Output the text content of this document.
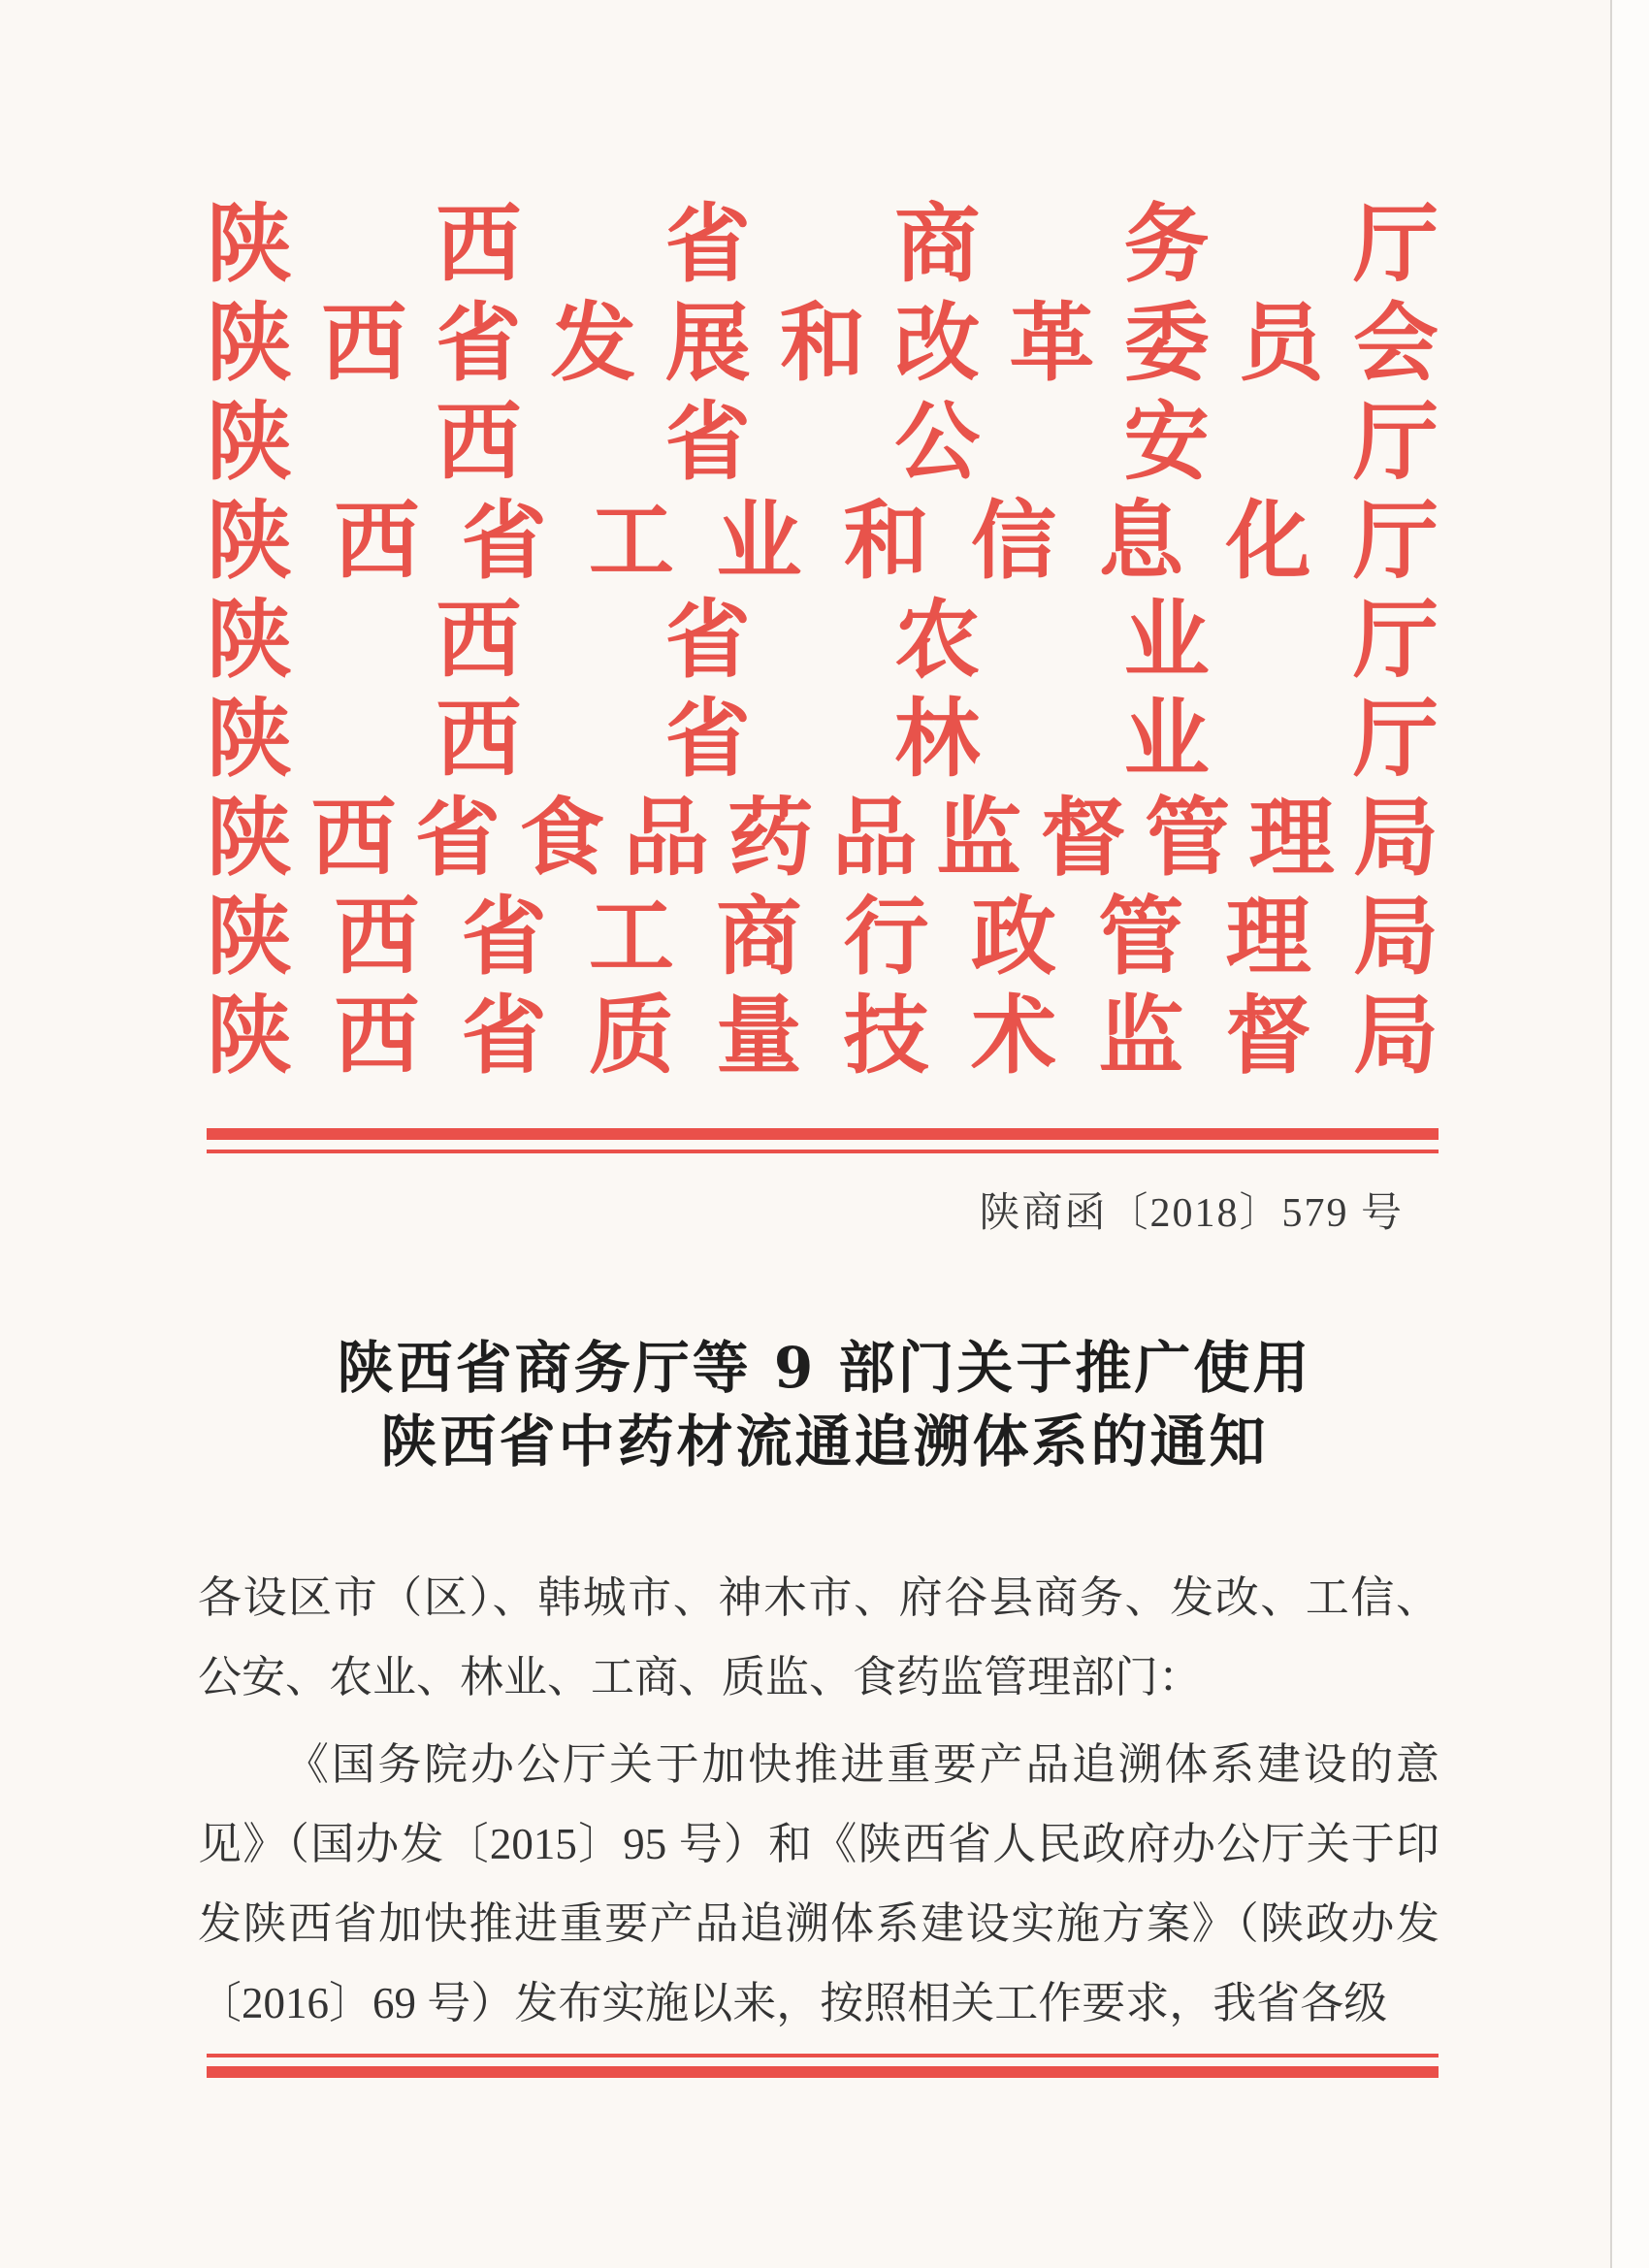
陕西省商务厅
陕西省发展和改革委员会
陕西省公安厅
陕西省工业和信息化厅
陕西省农业厅
陕西省林业厅
陕西省食品药品监督管理局
陕西省工商行政管理局
陕西省质量技术监督局
陕商函〔2018〕579 号
陕西省商务厅等 9 部门关于推广使用
陕西省中药材流通追溯体系的通知
各设区市（区）、韩城市、神木市、府谷县商务、发改、工信、
公安、农业、林业、工商、质监、食药监管理部门：
《国务院办公厅关于加快推进重要产品追溯体系建设的意
见》（国办发〔2015〕95 号）和《陕西省人民政府办公厅关于印
发陕西省加快推进重要产品追溯体系建设实施方案》（陕政办发
〔2016〕69 号）发布实施以来，按照相关工作要求，我省各级
